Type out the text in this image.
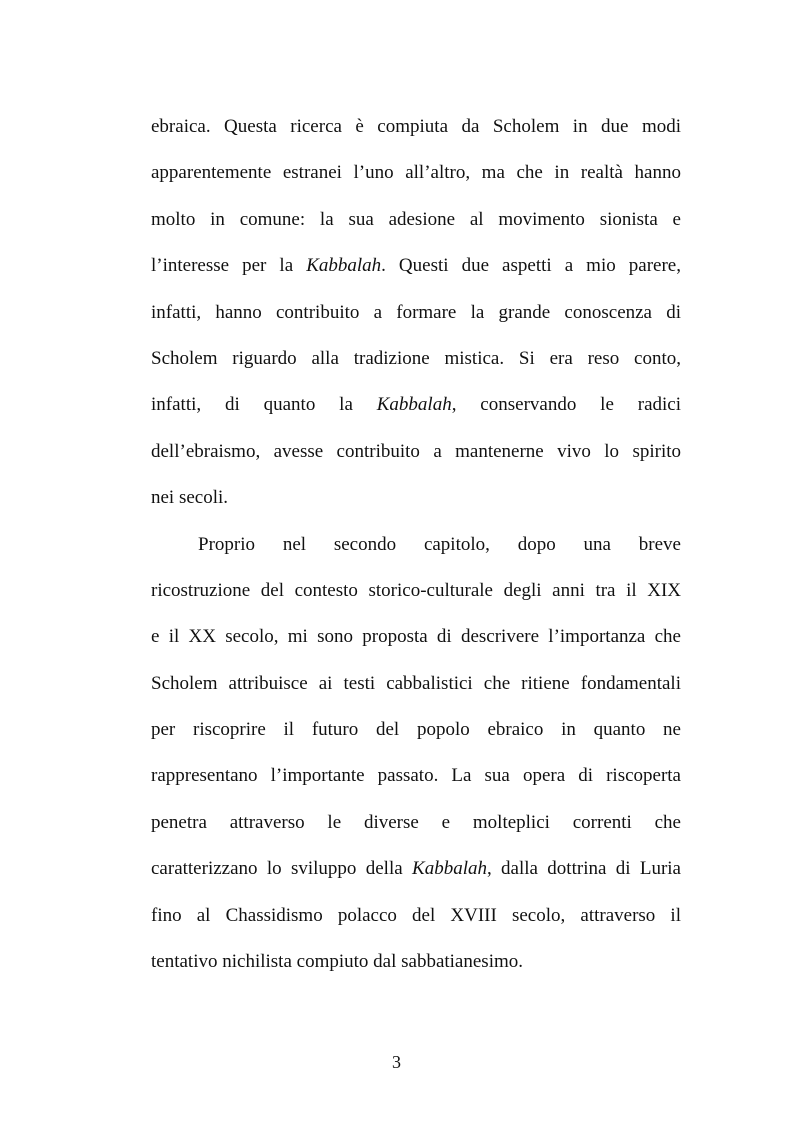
ebraica. Questa ricerca è compiuta da Scholem in due modi
apparentemente estranei l’uno all’altro, ma che in realtà hanno
molto in comune: la sua adesione al movimento sionista e
l’interesse per la Kabbalah. Questi due aspetti a mio parere,
infatti, hanno contribuito a formare la grande conoscenza di
Scholem riguardo alla tradizione mistica. Si era reso conto,
infatti, di quanto la Kabbalah, conservando le radici
dell’ebraismo, avesse contribuito a mantenerne vivo lo spirito
nei secoli.
Proprio nel secondo capitolo, dopo una breve
ricostruzione del contesto storico-culturale degli anni tra il XIX
e il XX secolo, mi sono proposta di descrivere l’importanza che
Scholem attribuisce ai testi cabbalistici che ritiene fondamentali
per riscoprire il futuro del popolo ebraico in quanto ne
rappresentano l’importante passato. La sua opera di riscoperta
penetra attraverso le diverse e molteplici correnti che
caratterizzano lo sviluppo della Kabbalah, dalla dottrina di Luria
fino al Chassidismo polacco del XVIII secolo, attraverso il
tentativo nichilista compiuto dal sabbatianesimo.
3
